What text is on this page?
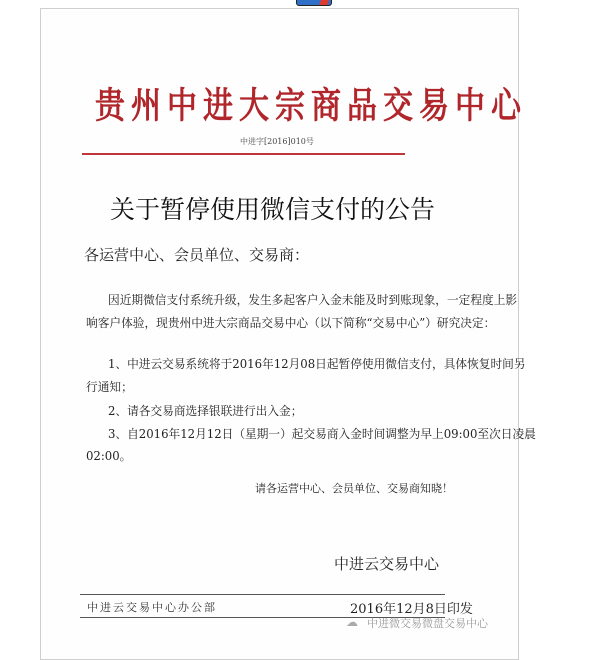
贵州中进大宗商品交易中心
中进字[2016]010号
关于暂停使用微信支付的公告
各运营中心、会员单位、交易商：
因近期微信支付系统升级，发生多起客户入金未能及时到账现象，一定程度上影
响客户体验，现贵州中进大宗商品交易中心（以下简称“交易中心”）研究决定：
1、中进云交易系统将于2016年12月08日起暂停使用微信支付，具体恢复时间另
行通知；
2、请各交易商选择银联进行出入金；
3、自2016年12月12日（星期一）起交易商入金时间调整为早上09:00至次日凌晨
02:00。
请各运营中心、会员单位、交易商知晓！
中进云交易中心
中进云交易中心办公部	2016年12月8日印发
☁ 中进微交易微盘交易中心
